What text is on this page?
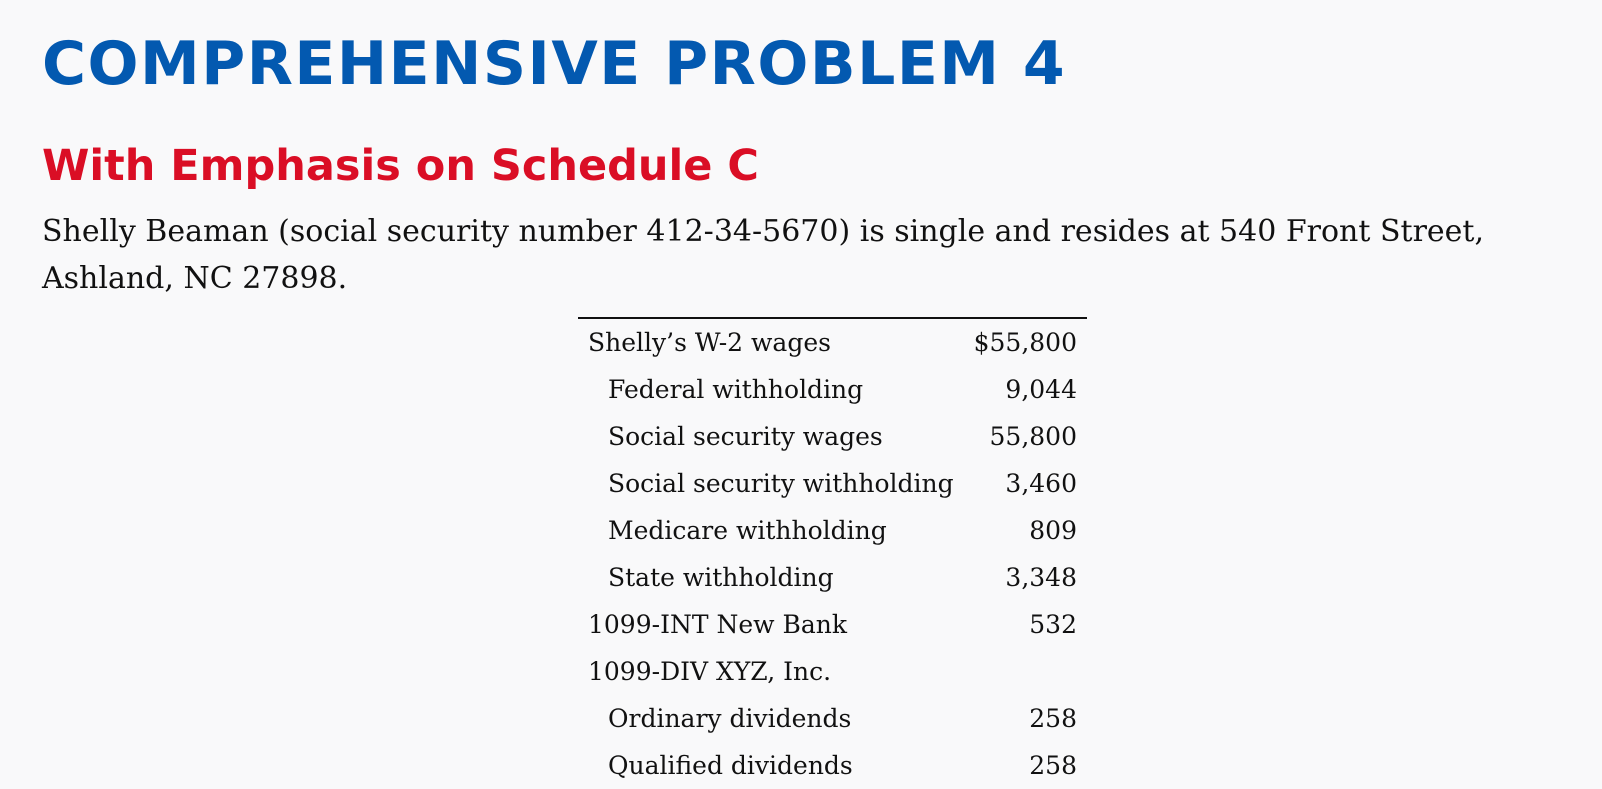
COMPREHENSIVE PROBLEM 4
With Emphasis on Schedule C

Shelly Beaman (social security number 412-34-5670) is single and resides at 540 Front Street, Ashland, NC 27898.

Shelly’s W-2 wages	$55,800
Federal withholding	9,044
Social security wages	55,800
Social security withholding	3,460
Medicare withholding	809
State withholding	3,348
1099-INT New Bank	532
1099-DIV XYZ, Inc.	
Ordinary dividends	258
Qualified dividends	258
